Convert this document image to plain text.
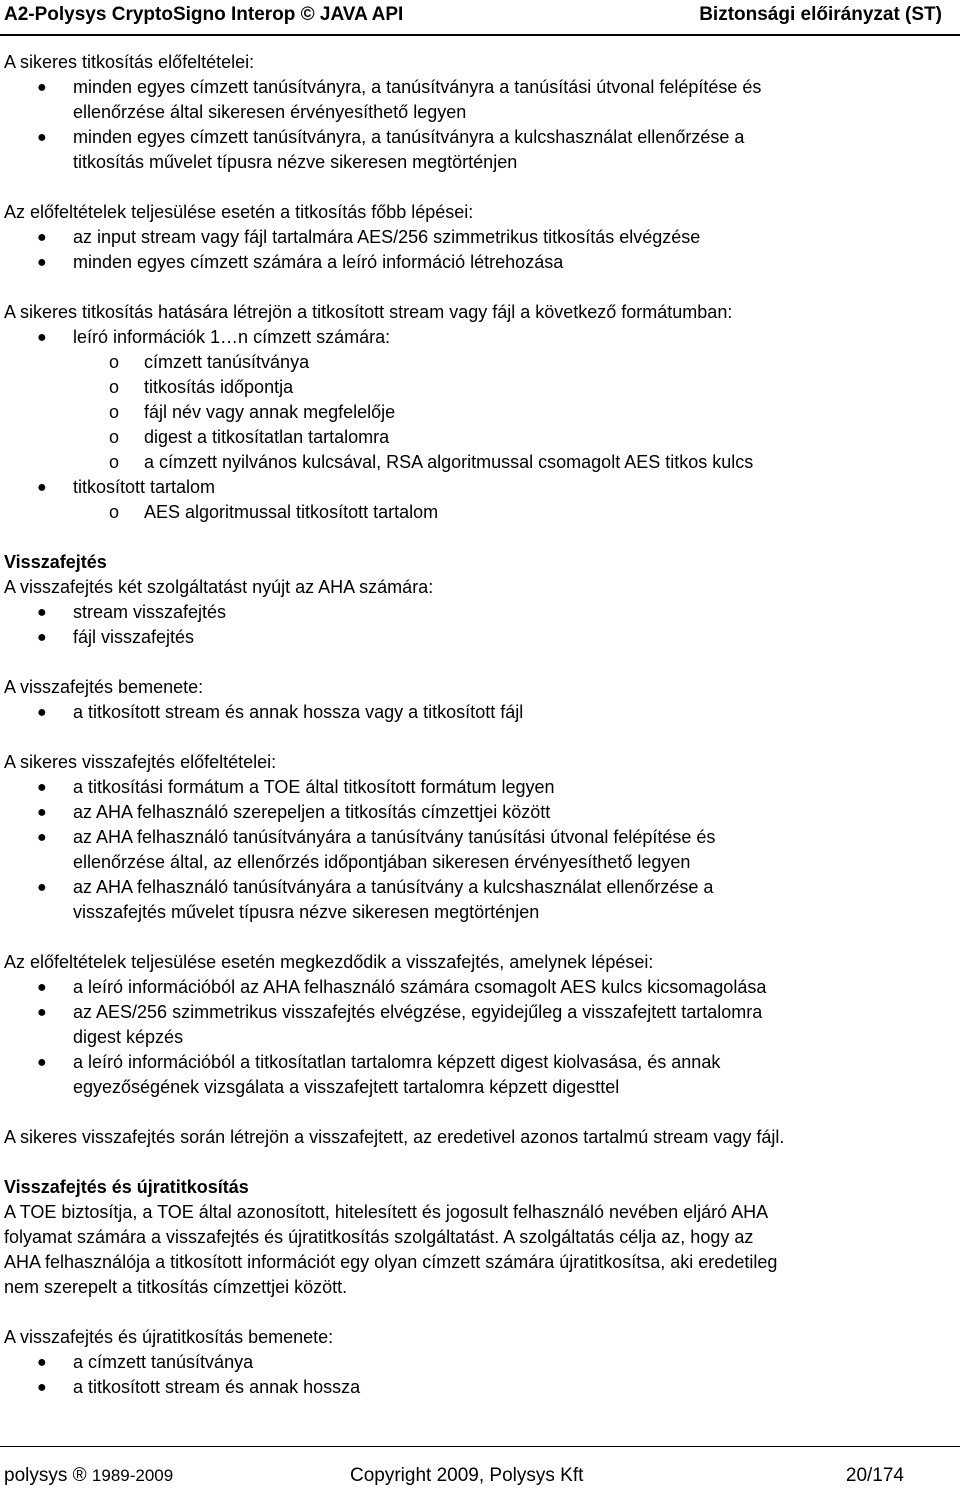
A2-Polysys CryptoSigno Interop © JAVA API	Biztonsági előirányzat (ST)

A sikeres titkosítás előfeltételei:

● minden egyes címzett tanúsítványra, a tanúsítványra a tanúsítási útvonal felépítése és
ellenőrzése által sikeresen érvényesíthető legyen
● minden egyes címzett tanúsítványra, a tanúsítványra a kulcshasználat ellenőrzése a
titkosítás művelet típusra nézve sikeresen megtörténjen

Az előfeltételek teljesülése esetén a titkosítás főbb lépései:

● az input stream vagy fájl tartalmára AES/256 szimmetrikus titkosítás elvégzése
● minden egyes címzett számára a leíró információ létrehozása

A sikeres titkosítás hatására létrejön a titkosított stream vagy fájl a következő formátumban:

● leíró információk 1…n címzett számára:
o címzett tanúsítványa
o titkosítás időpontja
o fájl név vagy annak megfelelője
o digest a titkosítatlan tartalomra
o a címzett nyilvános kulcsával, RSA algoritmussal csomagolt AES titkos kulcs
● titkosított tartalom
o AES algoritmussal titkosított tartalom

Visszafejtés

A visszafejtés két szolgáltatást nyújt az AHA számára:

● stream visszafejtés
● fájl visszafejtés

A visszafejtés bemenete:

● a titkosított stream és annak hossza vagy a titkosított fájl

A sikeres visszafejtés előfeltételei:

● a titkosítási formátum a TOE által titkosított formátum legyen
● az AHA felhasználó szerepeljen a titkosítás címzettjei között
● az AHA felhasználó tanúsítványára a tanúsítvány tanúsítási útvonal felépítése és
ellenőrzése által, az ellenőrzés időpontjában sikeresen érvényesíthető legyen
● az AHA felhasználó tanúsítványára a tanúsítvány a kulcshasználat ellenőrzése a
visszafejtés művelet típusra nézve sikeresen megtörténjen

Az előfeltételek teljesülése esetén megkezdődik a visszafejtés, amelynek lépései:

● a leíró információból az AHA felhasználó számára csomagolt AES kulcs kicsomagolása
● az AES/256 szimmetrikus visszafejtés elvégzése, egyidejűleg a visszafejtett tartalomra
digest képzés
● a leíró információból a titkosítatlan tartalomra képzett digest kiolvasása, és annak
egyezőségének vizsgálata a visszafejtett tartalomra képzett digesttel

A sikeres visszafejtés során létrejön a visszafejtett, az eredetivel azonos tartalmú stream vagy fájl.

Visszafejtés és újratitkosítás

A TOE biztosítja, a TOE által azonosított, hitelesített és jogosult felhasználó nevében eljáró AHA

folyamat számára a visszafejtés és újratitkosítás szolgáltatást. A szolgáltatás célja az, hogy az

AHA felhasználója a titkosított információt egy olyan címzett számára újratitkosítsa, aki eredetileg

nem szerepelt a titkosítás címzettjei között.

A visszafejtés és újratitkosítás bemenete:

● a címzett tanúsítványa
● a titkosított stream és annak hossza
polysys ® 1989-2009	Copyright 2009, Polysys Kft	20/174
